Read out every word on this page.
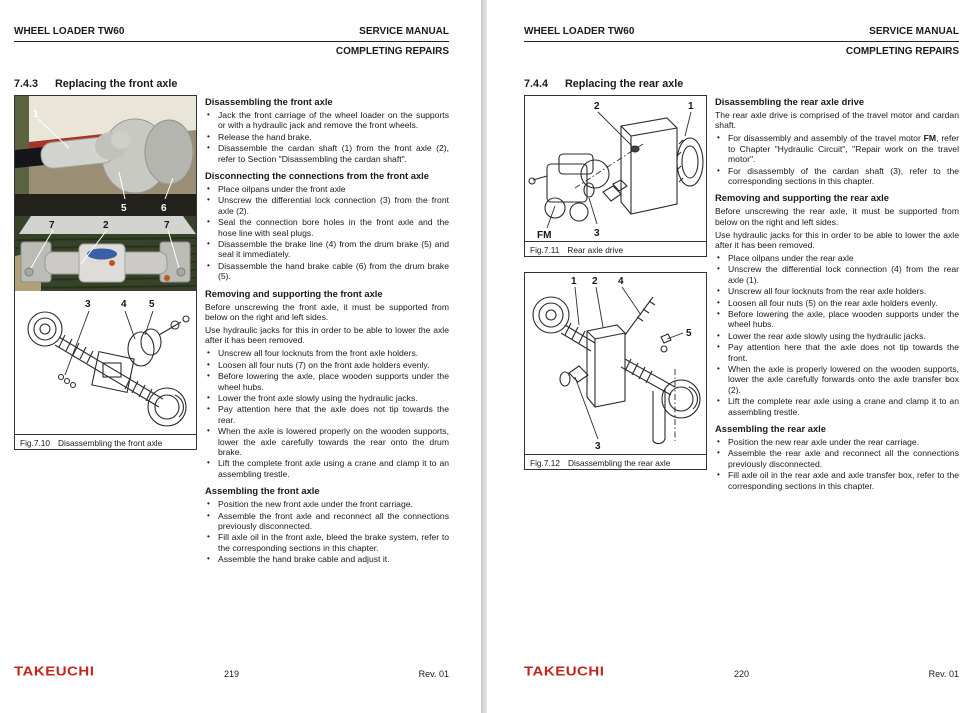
WHEEL LOADER TW60	SERVICE MANUAL
COMPLETING REPAIRS
7.4.3 Replacing the front axle
1
5	6
7	2	7
3	4 5
Fig.7.10 Disassembling the front axle
Disassembling the front axle
• Jack the front carriage of the wheel loader on the supports or with a hydraulic jack and remove the front wheels.
• Release the hand brake.
• Disassemble the cardan shaft (1) from the front axle (2), refer to Section "Disassembling the cardan shaft".
Disconnecting the connections from the front axle
• Place oilpans under the front axle
• Unscrew the differential lock connection (3) from the front axle (2).
• Seal the connection bore holes in the front axle and the hose line with seal plugs.
• Disassemble the brake line (4) from the drum brake (5) and seal it immediately.
• Disassemble the hand brake cable (6) from the drum brake (5).
Removing and supporting the front axle
Before unscrewing the front axle, it must be supported from below on the right and left sides.
Use hydraulic jacks for this in order to be able to lower the axle after it has been removed.
• Unscrew all four locknuts from the front axle holders.
• Loosen all four nuts (7) on the front axle holders evenly.
• Before lowering the axle, place wooden supports under the wheel hubs.
• Lower the front axle slowly using the hydraulic jacks.
• Pay attention here that the axle does not tip towards the rear.
• When the axle is lowered properly on the wooden supports, lower the axle carefully towards the rear onto the drum brake.
• Lift the complete front axle using a crane and clamp it to an assembling trestle.
Assembling the front axle
• Position the new front axle under the front carriage.
• Assemble the front axle and reconnect all the connections previously disconnected.
• Fill axle oil in the front axle, bleed the brake system, refer to the corresponding sections in this chapter.
• Assemble the hand brake cable and adjust it.
TAKEUCHI	219	Rev. 01
WHEEL LOADER TW60	SERVICE MANUAL
COMPLETING REPAIRS
7.4.4 Replacing the rear axle
2	1
FM	3
Fig.7.11 Rear axle drive
1 2 4
5
3
Fig.7.12 Disassembling the rear axle
Disassembling the rear axle drive
The rear axle drive is comprised of the travel motor and cardan shaft.
• For disassembly and assembly of the travel motor FM, refer to Chapter "Hydraulic Circuit", "Repair work on the travel motor".
• For disassembly of the cardan shaft (3), refer to the corresponding sections in this chapter.
Removing and supporting the rear axle
Before unscrewing the rear axle, it must be supported from below on the right and left sides.
Use hydraulic jacks for this in order to be able to lower the axle after it has been removed.
• Place oilpans under the rear axle
• Unscrew the differential lock connection (4) from the rear axle (1).
• Unscrew all four locknuts from the rear axle holders.
• Loosen all four nuts (5) on the rear axle holders evenly.
• Before lowering the axle, place wooden supports under the wheel hubs.
• Lower the rear axle slowly using the hydraulic jacks.
• Pay attention here that the axle does not tip towards the front.
• When the axle is properly lowered on the wooden supports, lower the axle carefully forwards onto the axle transfer box (2).
• Lift the complete rear axle using a crane and clamp it to an assembling trestle.
Assembling the rear axle
• Position the new rear axle under the rear carriage.
• Assemble the rear axle and reconnect all the connections previously disconnected.
• Fill axle oil in the rear axle and axle transfer box, refer to the corresponding sections in this chapter.
TAKEUCHI	220	Rev. 01
